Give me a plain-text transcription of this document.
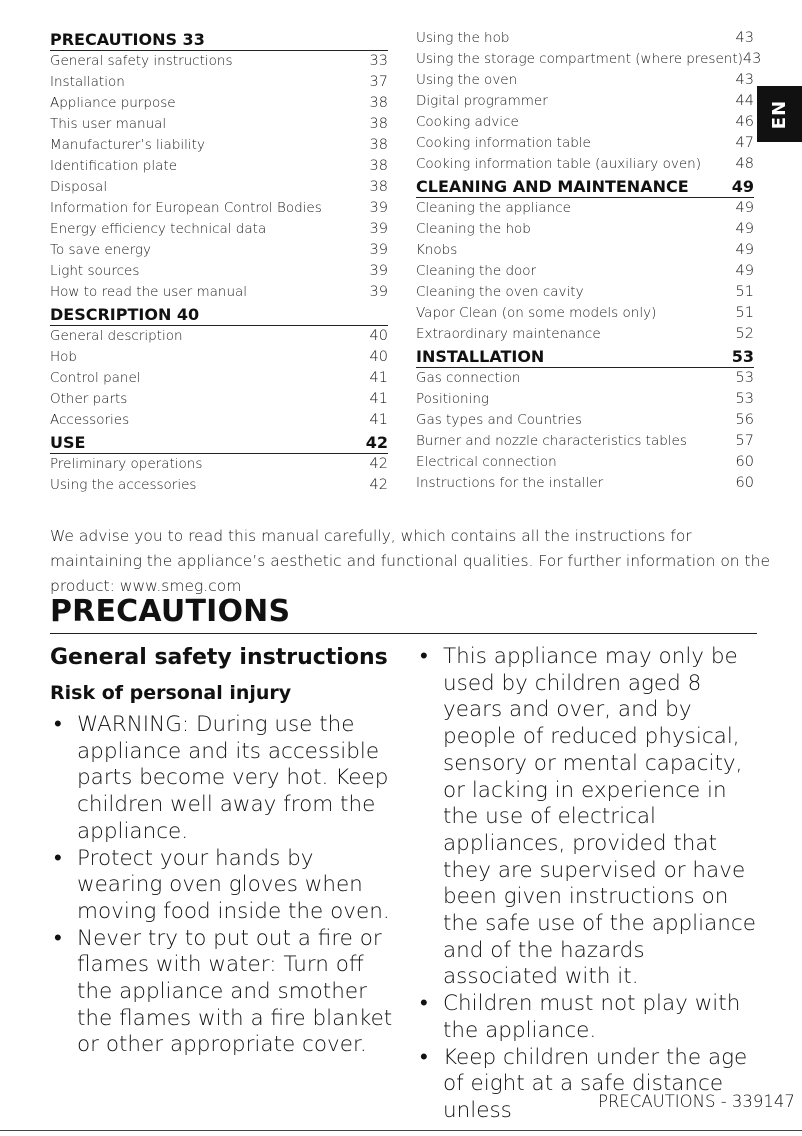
PRECAUTIONS 33
General safety instructions	33
Installation	37
Appliance purpose	38
This user manual	38
Manufacturer’s liability	38
Identification plate	38
Disposal	38
Information for European Control Bodies	39
Energy efficiency technical data	39
To save energy	39
Light sources	39
How to read the user manual	39
DESCRIPTION 40
General description	40
Hob	40
Control panel	41
Other parts	41
Accessories	41
USE	42
Preliminary operations	42
Using the accessories	42
Using the hob	43
Using the storage compartment (where present) 43
Using the oven	43
Digital programmer	44
Cooking advice	46
Cooking information table	47
Cooking information table (auxiliary oven) 48
CLEANING AND MAINTENANCE	49
Cleaning the appliance	49
Cleaning the hob	49
Knobs	49
Cleaning the door	49
Cleaning the oven cavity	51
Vapor Clean (on some models only)	51
Extraordinary maintenance	52
INSTALLATION	53
Gas connection	53
Positioning	53
Gas types and Countries	56
Burner and nozzle characteristics tables	57
Electrical connection	60
Instructions for the installer	60
EN
We advise you to read this manual carefully, which contains all the instructions for maintaining the appliance’s aesthetic and functional qualities. For further information on the product: www.smeg.com
PRECAUTIONS
General safety instructions
Risk of personal injury
• WARNING: During use the appliance and its accessible parts become very hot. Keep children well away from the appliance.
• Protect your hands by wearing oven gloves when moving food inside the oven.
• Never try to put out a fire or flames with water: Turn off the appliance and smother the flames with a fire blanket or other appropriate cover.
• This appliance may only be used by children aged 8 years and over, and by people of reduced physical, sensory or mental capacity, or lacking in experience in the use of electrical appliances, provided that they are supervised or have been given instructions on the safe use of the appliance and of the hazards associated with it.
• Children must not play with the appliance.
• Keep children under the age of eight at a safe distance unless	PRECAUTIONS - 339147
